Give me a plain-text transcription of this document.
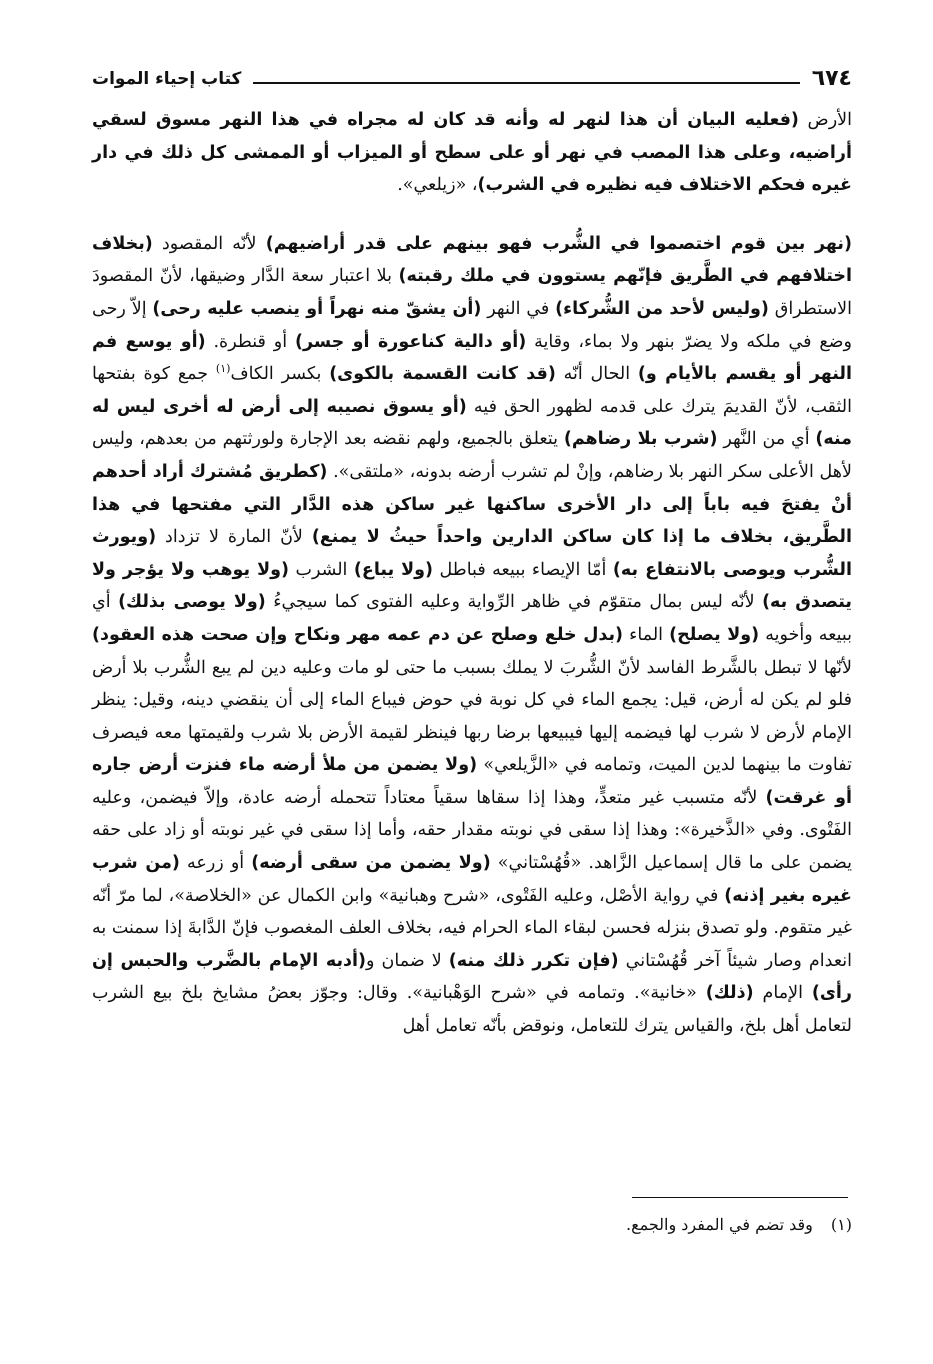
٦٧٤
كتاب إحياء الموات

الأرض (فعليه البيان أن هذا لنهر له وأنه قد كان له مجراه في هذا النهر مسوق لسقي أراضيه، وعلى هذا المصب في نهر أو على سطح أو الميزاب أو الممشى كل ذلك في دار غيره فحكم الاختلاف فيه نظيره في الشرب)، «زيلعي».

(نهر بين قوم اختصموا في الشُّرب فهو بينهم على قدر أراضيهم) لأنّه المقصود (بخلاف اختلافهم في الطَّريق فإنّهم يستوون في ملك رقبته) بلا اعتبار سعة الدَّار وضيقها، لأنّ المقصودَ الاستطراق (وليس لأحد من الشُّركاء) في النهر (أن يشقّ منه نهراً أو ينصب عليه رحى) إلاّ رحى وضع في ملكه ولا يضرّ بنهر ولا بماء، وقاية (أو دالية كناعورة أو جسر) أو قنطرة. (أو يوسع فم النهر أو يقسم بالأيام و) الحال أنّه (قد كانت القسمة بالكوى) بكسر الكاف$^{(١)}$ جمع كوة بفتحها الثقب، لأنّ القديمَ يترك على قدمه لظهور الحق فيه (أو يسوق نصيبه إلى أرض له أخرى ليس له منه) أي من النَّهر (شرب بلا رضاهم) يتعلق بالجميع، ولهم نقضه بعد الإجارة ولورثتهم من بعدهم، وليس لأهل الأعلى سكر النهر بلا رضاهم، وإنْ لم تشرب أرضه بدونه، «ملتقى». (كطريق مُشترك أراد أحدهم أنْ يفتحَ فيه باباً إلى دار الأخرى ساكنها غير ساكن هذه الدَّار التي مفتحها في هذا الطَّريق، بخلاف ما إذا كان ساكن الدارين واحداً حيثُ لا يمنع) لأنّ المارة لا تزداد (ويورث الشُّرب ويوصى بالانتفاع به) أمّا الإيصاء ببيعه فباطل (ولا يباع) الشرب (ولا يوهب ولا يؤجر ولا يتصدق به) لأنّه ليس بمال متقوّم في ظاهر الرِّواية وعليه الفتوى كما سيجيءُ (ولا يوصى بذلك) أي ببيعه وأخويه (ولا يصلح) الماء (بدل خلع وصلح عن دم عمه مهر ونكاح وإن صحت هذه العقود) لأنّها لا تبطل بالشَّرط الفاسد لأنّ الشُّربَ لا يملك بسبب ما حتى لو مات وعليه دين لم يبع الشُّرب بلا أرض فلو لم يكن له أرض، قيل: يجمع الماء في كل نوبة في حوض فيباع الماء إلى أن ينقضي دينه، وقيل: ينظر الإمام لأرض لا شرب لها فيضمه إليها فيبيعها برضا ربها فينظر لقيمة الأرض بلا شرب ولقيمتها معه فيصرف تفاوت ما بينهما لدين الميت، وتمامه في «الزَّيلعي» (ولا يضمن من ملأ أرضه ماء فنزت أرض جاره أو غرقت) لأنّه متسبب غير متعدٍّ، وهذا إذا سقاها سقياً معتاداً تتحمله أرضه عادة، وإلاّ فيضمن، وعليه الفَتْوى. وفي «الذَّخيرة»: وهذا إذا سقى في نوبته مقدار حقه، وأما إذا سقى في غير نوبته أو زاد على حقه يضمن على ما قال إسماعيل الزَّاهد. «قُهُسْتاني» (ولا يضمن من سقى أرضه) أو زرعه (من شرب غيره بغير إذنه) في رواية الأصْل، وعليه الفَتْوى، «شرح وهبانية» وابن الكمال عن «الخلاصة»، لما مرّ أنّه غير متقوم. ولو تصدق بنزله فحسن لبقاء الماء الحرام فيه، بخلاف العلف المغصوب فإنّ الدَّابةَ إذا سمنت به انعدام وصار شيئاً آخر قُهُسْتاني (فإن تكرر ذلك منه) لا ضمان و(أدبه الإمام بالضَّرب والحبس إن رأى) الإمام (ذلك) «خانية». وتمامه في «شرح الوَهْبانية». وقال: وجوّز بعضُ مشايخ بلخ بيع الشرب لتعامل أهل بلخ، والقياس يترك للتعامل، ونوقض بأنّه تعامل أهل

(١)وقد تضم في المفرد والجمع.
